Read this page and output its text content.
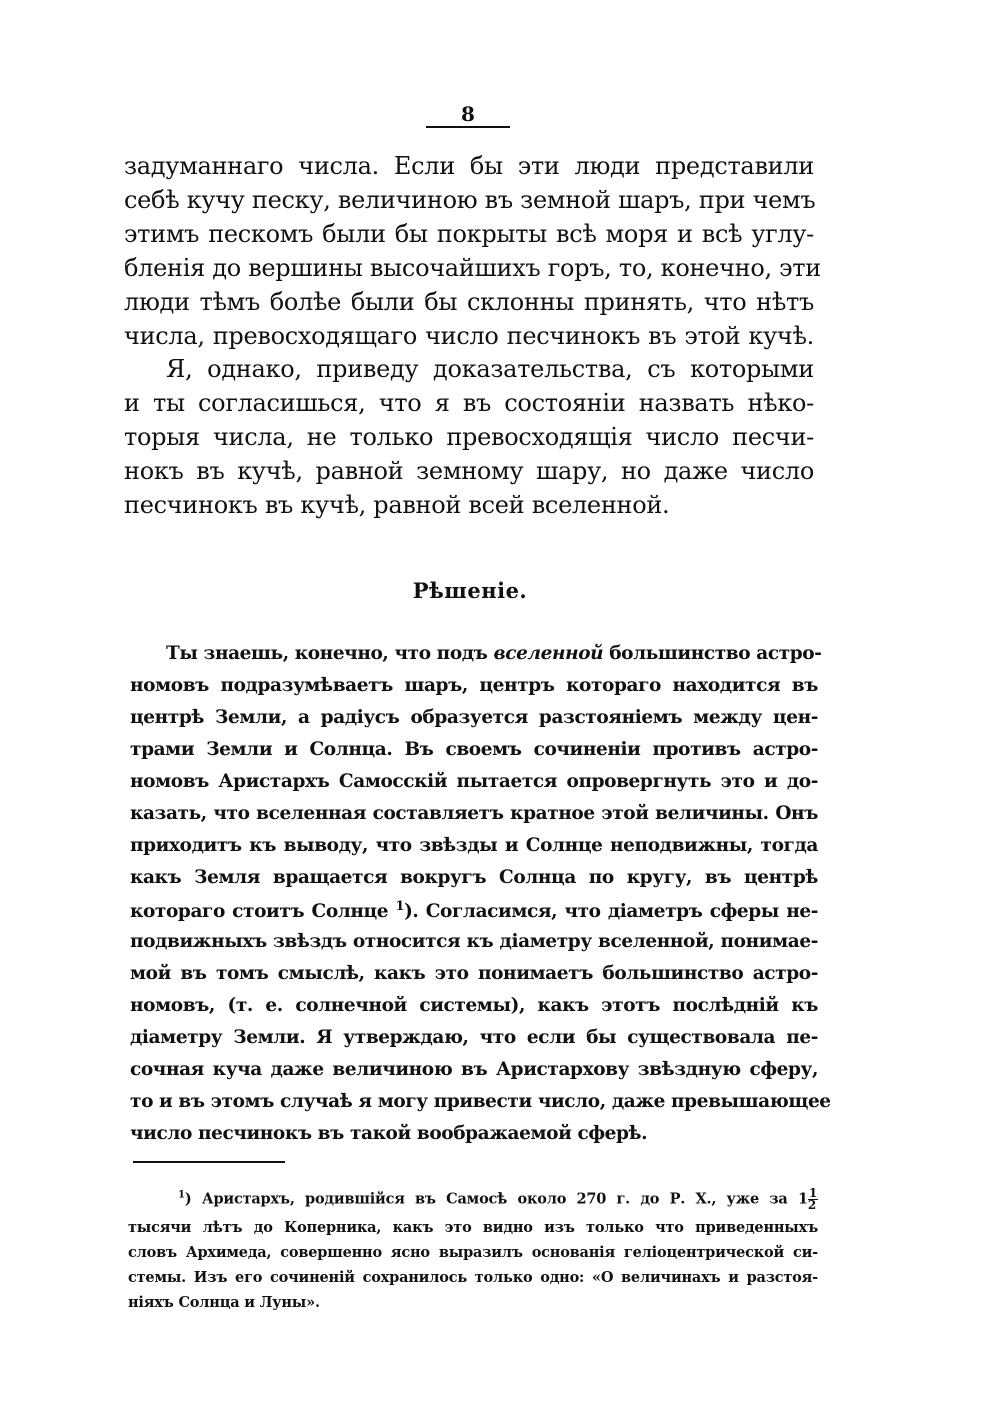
8
задуманнаго числа. Если бы эти люди представили
себѣ кучу песку, величиною въ земной шаръ, при чемъ
этимъ пескомъ были бы покрыты всѣ моря и всѣ углу-
бленiя до вершины высочайшихъ горъ, то, конечно, эти
люди тѣмъ болѣе были бы склонны принять, что нѣтъ
числа, превосходящаго число песчинокъ въ этой кучѣ.
Я, однако, приведу доказательства, съ которыми
и ты согласишься, что я въ состоянiи назвать нѣко-
торыя числа, не только превосходящiя число песчи-
нокъ въ кучѣ, равной земному шару, но даже число
песчинокъ въ кучѣ, равной всей вселенной.
Рѣшенiе.
Ты знаешь, конечно, что подъ вселенной большинство астро-
номовъ подразумѣваетъ шаръ, центръ котораго находится въ
центрѣ Земли, а радiусъ образуется разстоянiемъ между цен-
трами Земли и Солнца. Въ своемъ сочиненiи противъ астро-
номовъ Аристархъ Самосскiй пытается опровергнуть это и до-
казать, что вселенная составляетъ кратное этой величины. Онъ
приходитъ къ выводу, что звѣзды и Солнце неподвижны, тогда
какъ Земля вращается вокругъ Солнца по кругу, въ центрѣ
котораго стоитъ Солнце $^1$). Согласимся, что дiаметръ сферы не-
подвижныхъ звѣздъ относится къ дiаметру вселенной, понимае-
мой въ томъ смыслѣ, какъ это понимаетъ большинство астро-
номовъ, (т. е. солнечной системы), какъ этотъ послѣднiй къ
дiаметру Земли. Я утверждаю, что если бы существовала пе-
сочная куча даже величиною въ Аристархову звѣздную сферу,
то и въ этомъ случаѣ я могу привести число, даже превышающее
число песчинокъ въ такой воображаемой сферѣ.
$^1$) Аристархъ, родившiйся въ Самосѣ около 270 г. до Р. Х., уже за $1 \frac{1}{2}$
тысячи лѣтъ до Коперника, какъ это видно изъ только что приведенныхъ
словъ Архимеда, совершенно ясно выразилъ основанiя гелiоцентрической си-
стемы. Изъ его сочиненiй сохранилось только одно: «О величинахъ и разстоя-
нiяхъ Солнца и Луны».
